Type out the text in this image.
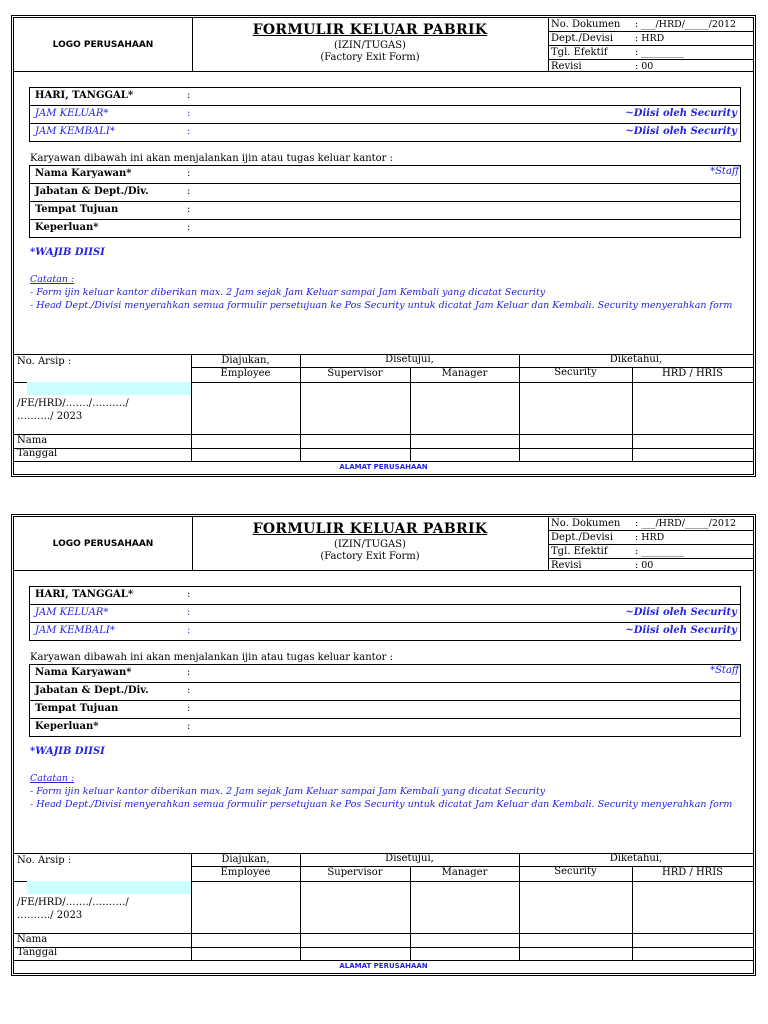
LOGO PERUSAHAAN
FORMULIR KELUAR PABRIK
(IZIN/TUGAS)
(Factory Exit Form)
No. Dokumen : ___/HRD/_____/2012
Dept./Devisi : HRD
Tgl. Efektif	: _________
Revisi	: 00
HARI, TANGGAL*	:
JAM KELUAR*	:	~Diisi oleh Security
JAM KEMBALI*	:	~Diisi oleh Security
Karyawan dibawah ini akan menjalankan ijin atau tugas keluar kantor :
*Staff
Nama Karyawan*	:
Jabatan & Dept./Div.	:
Tempat Tujuan	:
Keperluan*	:
*WAJIB DIISI
Catatan :
- Form ijin keluar kantor diberikan max. 2 Jam sejak Jam Keluar sampai Jam Kembali yang dicatat Security
- Head Dept./Divisi menyerahkan semua formulir persetujuan ke Pos Security untuk dicatat Jam Keluar dan Kembali. Security menyerahkan form
No. Arsip :
/FE/HRD/……./………./
………./ 2023
Diajukan,	Disetujui,	Diketahui,
Employee	Supervisor	Manager	Security	HRD / HRIS
Nama
Tanggal
ALAMAT PERUSAHAAN
LOGO PERUSAHAAN
FORMULIR KELUAR PABRIK
(IZIN/TUGAS)
(Factory Exit Form)
No. Dokumen : ___/HRD/_____/2012
Dept./Devisi : HRD
Tgl. Efektif	: _________
Revisi	: 00
HARI, TANGGAL*	:
JAM KELUAR*	:	~Diisi oleh Security
JAM KEMBALI*	:	~Diisi oleh Security
Karyawan dibawah ini akan menjalankan ijin atau tugas keluar kantor :
*Staff
Nama Karyawan*	:
Jabatan & Dept./Div.	:
Tempat Tujuan	:
Keperluan*	:
*WAJIB DIISI
Catatan :
- Form ijin keluar kantor diberikan max. 2 Jam sejak Jam Keluar sampai Jam Kembali yang dicatat Security
- Head Dept./Divisi menyerahkan semua formulir persetujuan ke Pos Security untuk dicatat Jam Keluar dan Kembali. Security menyerahkan form
No. Arsip :
/FE/HRD/……./………./
………./ 2023
Diajukan,	Disetujui,	Diketahui,
Employee	Supervisor	Manager	Security	HRD / HRIS
Nama
Tanggal
ALAMAT PERUSAHAAN
